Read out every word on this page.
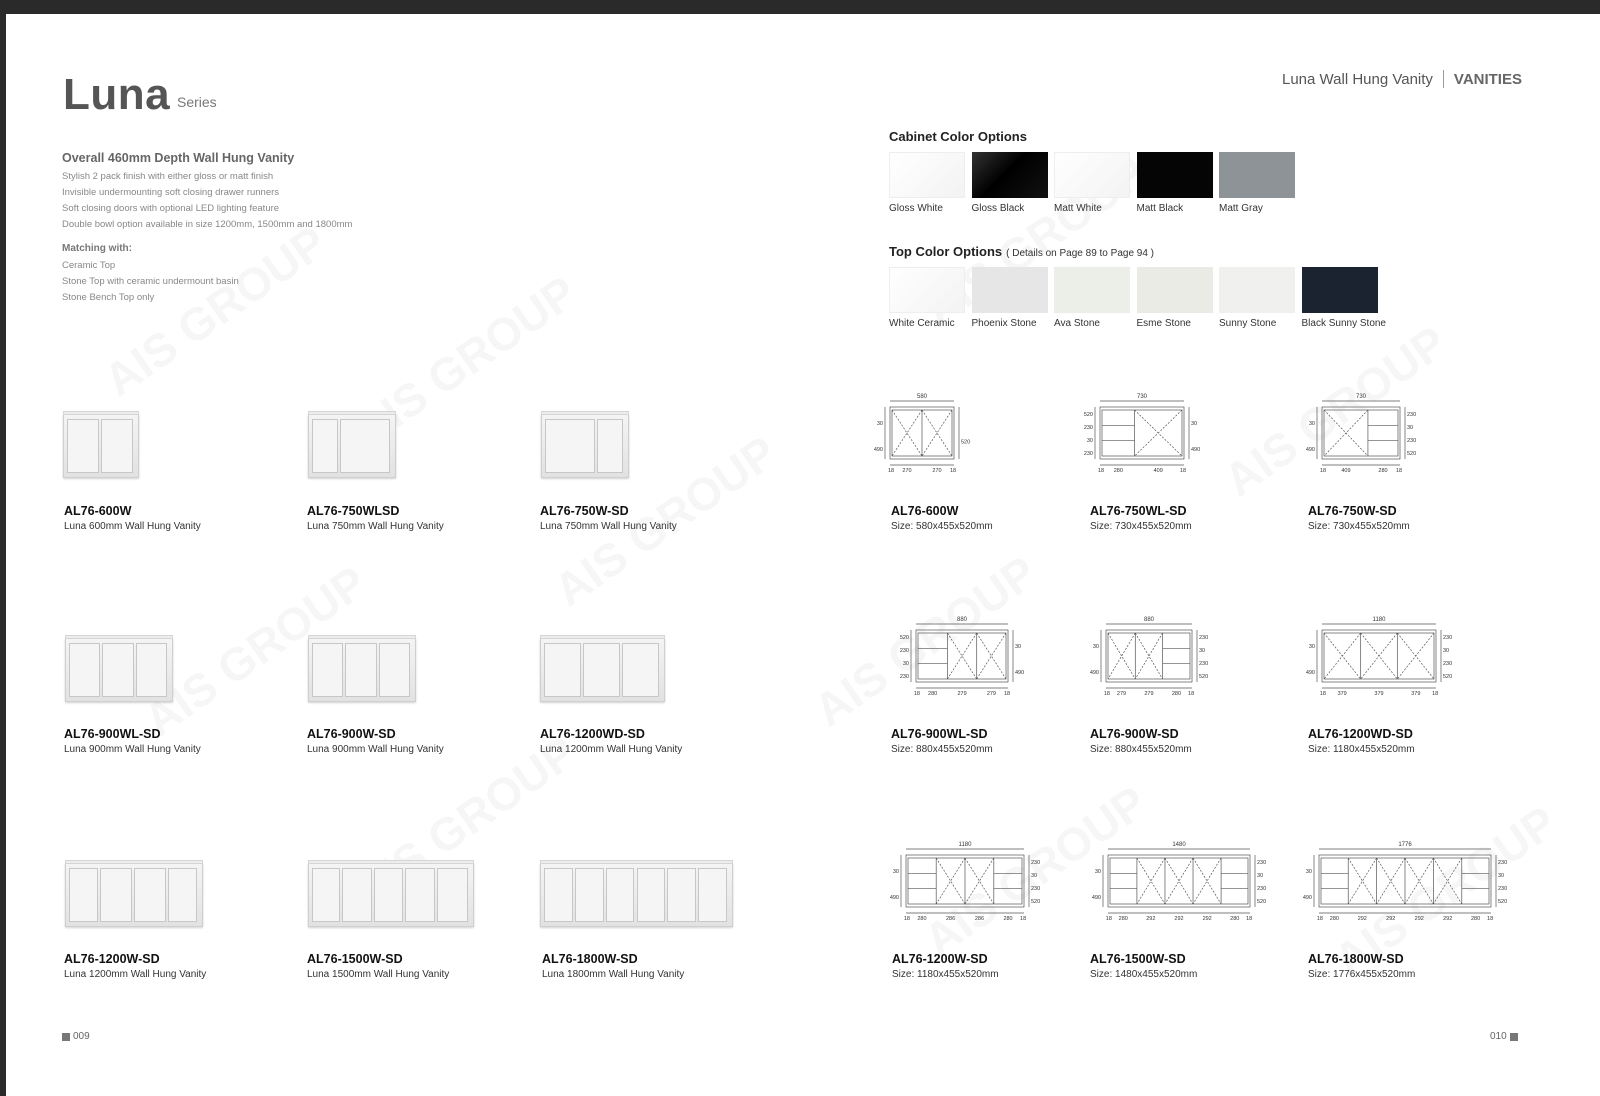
Luna Series
Overall 460mm Depth Wall Hung Vanity
Stylish 2 pack finish with either gloss or matt finish
Invisible undermounting soft closing drawer runners
Soft closing doors with optional LED lighting feature
Double bowl option available in size 1200mm, 1500mm and 1800mm
Matching with:
Ceramic Top
Stone Top with ceramic undermount basin
Stone Bench Top only
Luna Wall Hung Vanity VANITIES
Cabinet Color Options
Gloss White	Gloss Black	Matt White	Matt Black	Matt Gray
Top Color Options ( Details on Page 89 to Page 94 )
White Ceramic Phoenix Stone Ava Stone	Esme Stone	Sunny Stone	Black Sunny Stone
AL76-600W
Luna 600mm Wall Hung Vanity
AL76-750WLSD
Luna 750mm Wall Hung Vanity
AL76-750W-SD
Luna 750mm Wall Hung Vanity
AL76-900WL-SD
Luna 900mm Wall Hung Vanity
AL76-900W-SD
Luna 900mm Wall Hung Vanity
AL76-1200WD-SD
Luna 1200mm Wall Hung Vanity
AL76-1200W-SD
Luna 1200mm Wall Hung Vanity
AL76-1500W-SD
Luna 1500mm Wall Hung Vanity
AL76-1800W-SD
Luna 1800mm Wall Hung Vanity
580
18 270	270 18
30
490
520
AL76-600W
Size: 580x455x520mm
730
18 280	409	18
520
230
30
230
30
490
AL76-750WL-SD
Size: 730x455x520mm
730
18	409	280 18
30
490
230
30
230
520
AL76-750W-SD
Size: 730x455x520mm
880
18 280	279	279 18
520
230
30
230
30
490
AL76-900WL-SD
Size: 880x455x520mm
880
18 279	279	280 18
30
490
230
30
230
520
AL76-900W-SD
Size: 880x455x520mm
1180
18 379	379	379 18
30
490
230
30
230
520
AL76-1200WD-SD
Size: 1180x455x520mm
1180
18 280	286	286	280 18
30
490
230
30
230
520
AL76-1200W-SD
Size: 1180x455x520mm
1480
18 280	292	292	292	280 18
30
490
230
30
230
520
AL76-1500W-SD
Size: 1480x455x520mm
1776
18 280	292	292	292	292	280 18
30
490
230
30
230
520
AL76-1800W-SD
Size: 1776x455x520mm
009	010
